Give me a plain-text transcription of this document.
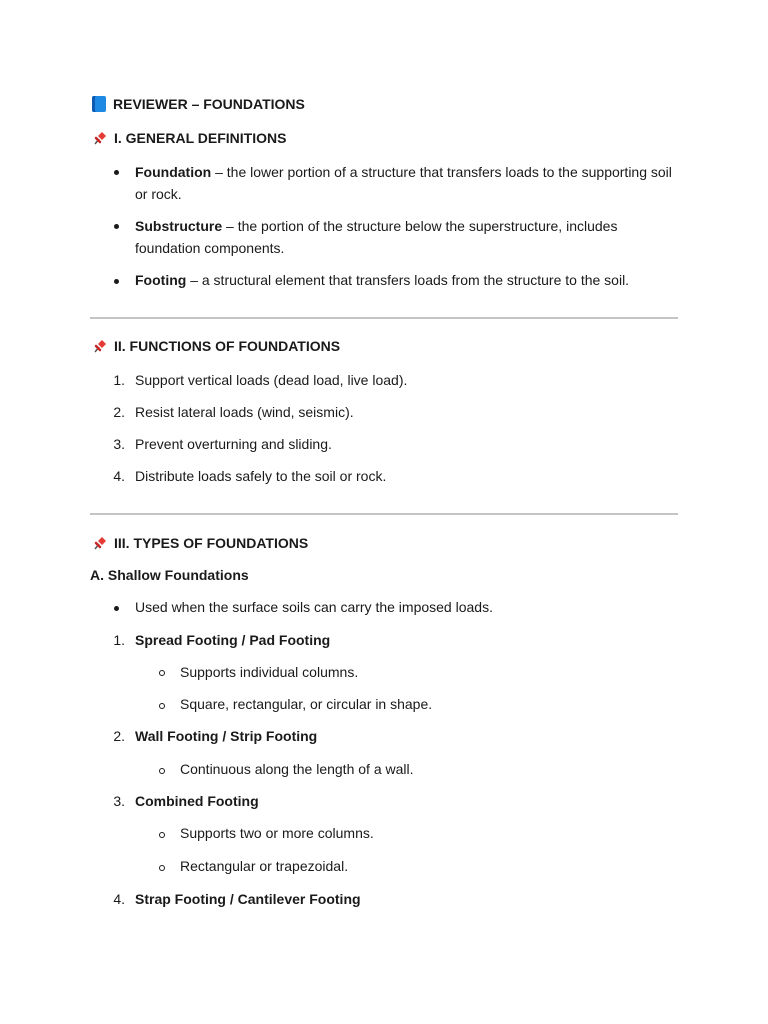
REVIEWER – FOUNDATIONS
I. GENERAL DEFINITIONS
Foundation – the lower portion of a structure that transfers loads to the supporting soil or rock.
Substructure – the portion of the structure below the superstructure, includes foundation components.
Footing – a structural element that transfers loads from the structure to the soil.
II. FUNCTIONS OF FOUNDATIONS
1. Support vertical loads (dead load, live load).
2. Resist lateral loads (wind, seismic).
3. Prevent overturning and sliding.
4. Distribute loads safely to the soil or rock.
III. TYPES OF FOUNDATIONS
A. Shallow Foundations
Used when the surface soils can carry the imposed loads.
1. Spread Footing / Pad Footing
Supports individual columns.
Square, rectangular, or circular in shape.
2. Wall Footing / Strip Footing
Continuous along the length of a wall.
3. Combined Footing
Supports two or more columns.
Rectangular or trapezoidal.
4. Strap Footing / Cantilever Footing
